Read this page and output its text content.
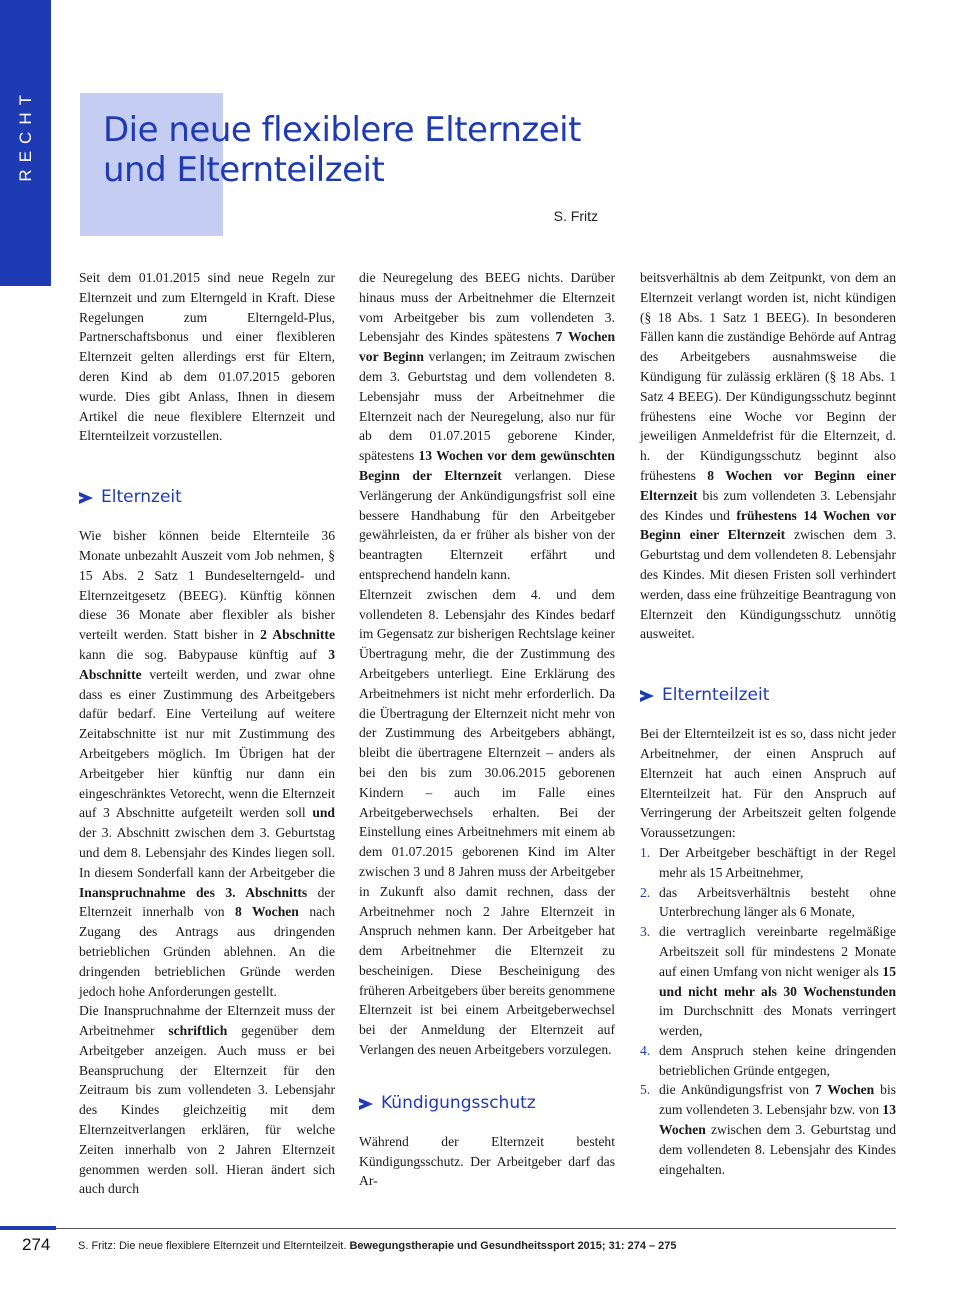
RECHT Die neue flexiblere Elternzeit
und Elternteilzeit
S. Fritz

Seit dem 01.01.2015 sind neue Regeln zur Elternzeit und zum Elterngeld in Kraft. Diese Regelungen zum Elterngeld-Plus, Partnerschaftsbonus und einer flexibleren Elternzeit gelten allerdings erst für Eltern, deren Kind ab dem 01.07.2015 geboren wurde. Dies gibt Anlass, Ihnen in diesem Artikel die neue flexiblere Elternzeit und Elternteilzeit vorzustellen.

Elternzeit

Wie bisher können beide Elternteile 36 Monate unbezahlt Auszeit vom Job nehmen, § 15 Abs. 2 Satz 1 Bundeselterngeld- und Elternzeitgesetz (BEEG). Künftig können diese 36 Monate aber flexibler als bisher verteilt werden. Statt bisher in 2 Abschnitte kann die sog. Babypause künftig auf 3 Abschnitte verteilt werden, und zwar ohne dass es einer Zustimmung des Arbeitgebers dafür bedarf. Eine Verteilung auf weitere Zeitabschnitte ist nur mit Zustimmung des Arbeitgebers möglich. Im Übrigen hat der Arbeitgeber hier künftig nur dann ein eingeschränktes Vetorecht, wenn die Elternzeit auf 3 Abschnitte aufgeteilt werden soll und der 3. Abschnitt zwischen dem 3. Geburtstag und dem 8. Lebensjahr des Kindes liegen soll. In diesem Sonderfall kann der Arbeitgeber die Inanspruchnahme des 3. Abschnitts der Elternzeit innerhalb von 8 Wochen nach Zugang des Antrags aus dringenden betrieblichen Gründen ablehnen. An die dringenden betrieblichen Gründe werden jedoch hohe Anforderungen gestellt.

Die Inanspruchnahme der Elternzeit muss der Arbeitnehmer schriftlich gegenüber dem Arbeitgeber anzeigen. Auch muss er bei Beanspruchung der Elternzeit für den Zeitraum bis zum vollendeten 3. Lebensjahr des Kindes gleichzeitig mit dem Elternzeitverlangen erklären, für welche Zeiten innerhalb von 2 Jahren Elternzeit genommen werden soll. Hieran ändert sich auch durch

die Neuregelung des BEEG nichts. Darüber hinaus muss der Arbeitnehmer die Elternzeit vom Arbeitgeber bis zum vollendeten 3. Lebensjahr des Kindes spätestens 7 Wochen vor Beginn verlangen; im Zeitraum zwischen dem 3. Geburtstag und dem vollendeten 8. Lebensjahr muss der Arbeitnehmer die Elternzeit nach der Neuregelung, also nur für ab dem 01.07.2015 geborene Kinder, spätestens 13 Wochen vor dem gewünschten Beginn der Elternzeit verlangen. Diese Verlängerung der Ankündigungsfrist soll eine bessere Handhabung für den Arbeitgeber gewährleisten, da er früher als bisher von der beantragten Elternzeit erfährt und entsprechend handeln kann.

Elternzeit zwischen dem 4. und dem vollendeten 8. Lebensjahr des Kindes bedarf im Gegensatz zur bisherigen Rechtslage keiner Übertragung mehr, die der Zustimmung des Arbeitgebers unterliegt. Eine Erklärung des Arbeitnehmers ist nicht mehr erforderlich. Da die Übertragung der Elternzeit nicht mehr von der Zustimmung des Arbeitgebers abhängt, bleibt die übertragene Elternzeit – anders als bei den bis zum 30.06.2015 geborenen Kindern – auch im Falle eines Arbeitgeberwechsels erhalten. Bei der Einstellung eines Arbeitnehmers mit einem ab dem 01.07.2015 geborenen Kind im Alter zwischen 3 und 8 Jahren muss der Arbeitgeber in Zukunft also damit rechnen, dass der Arbeitnehmer noch 2 Jahre Elternzeit in Anspruch nehmen kann. Der Arbeitgeber hat dem Arbeitnehmer die Elternzeit zu bescheinigen. Diese Bescheinigung des früheren Arbeitgebers über bereits genommene Elternzeit ist bei einem Arbeitgeberwechsel bei der Anmeldung der Elternzeit auf Verlangen des neuen Arbeitgebers vorzulegen.

Kündigungsschutz

Während der Elternzeit besteht Kündigungsschutz. Der Arbeitgeber darf das Ar-

beitsverhältnis ab dem Zeitpunkt, von dem an Elternzeit verlangt worden ist, nicht kündigen (§ 18 Abs. 1 Satz 1 BEEG). In besonderen Fällen kann die zuständige Behörde auf Antrag des Arbeitgebers ausnahmsweise die Kündigung für zulässig erklären (§ 18 Abs. 1 Satz 4 BEEG). Der Kündigungsschutz beginnt frühestens eine Woche vor Beginn der jeweiligen Anmeldefrist für die Elternzeit, d. h. der Kündigungsschutz beginnt also frühestens 8 Wochen vor Beginn einer Elternzeit bis zum vollendeten 3. Lebensjahr des Kindes und frühestens 14 Wochen vor Beginn einer Elternzeit zwischen dem 3. Geburtstag und dem vollendeten 8. Lebensjahr des Kindes. Mit diesen Fristen soll verhindert werden, dass eine frühzeitige Beantragung von Elternzeit den Kündigungsschutz unnötig ausweitet.

Elternteilzeit

Bei der Elternteilzeit ist es so, dass nicht jeder Arbeitnehmer, der einen Anspruch auf Elternzeit hat auch einen Anspruch auf Elternteilzeit hat. Für den Anspruch auf Verringerung der Arbeitszeit gelten folgende Voraussetzungen:

1. Der Arbeitgeber beschäftigt in der Regel mehr als 15 Arbeitnehmer,
2. das Arbeitsverhältnis besteht ohne Unterbrechung länger als 6 Monate,
3. die vertraglich vereinbarte regelmäßige Arbeitszeit soll für mindestens 2 Monate auf einen Umfang von nicht weniger als 15 und nicht mehr als 30 Wochenstunden im Durchschnitt des Monats verringert werden,
4. dem Anspruch stehen keine dringenden betrieblichen Gründe entgegen,
5. die Ankündigungsfrist von 7 Wochen bis zum vollendeten 3. Lebensjahr bzw. von 13 Wochen zwischen dem 3. Geburtstag und dem vollendeten 8. Lebensjahr des Kindes eingehalten.
274	S. Fritz: Die neue flexiblere Elternzeit und Elternteilzeit. Bewegungstherapie und Gesundheitssport 2015; 31: 274 – 275
